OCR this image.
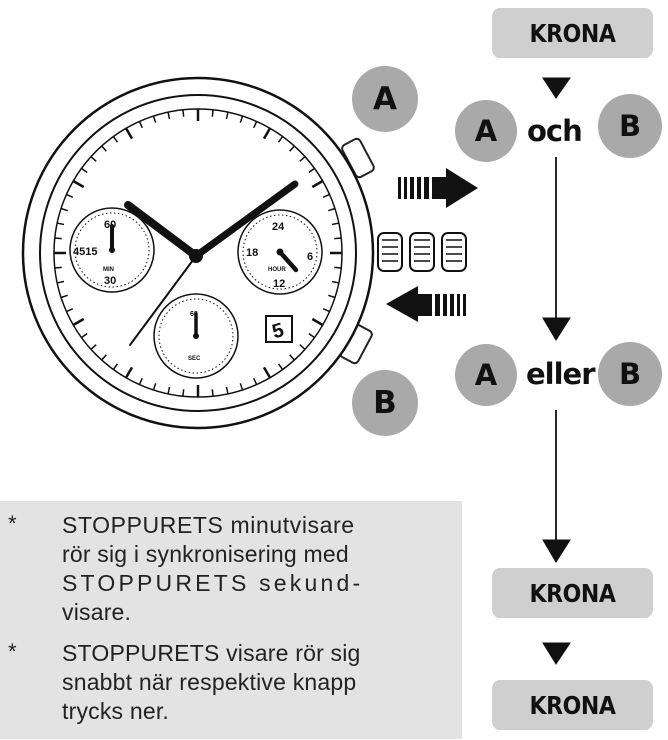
60
4515
MIN
30
24
18	6
HOUR
12
60
SEC
5
KRONA
A
B
A	och	B
A eller B
KRONA
KRONA
* STOPPURETS minutvisare
rör sig i synkronisering med
STOPPURETS sekund-
visare.
* STOPPURETS visare rör sig
snabbt när respektive knapp
trycks ner.
